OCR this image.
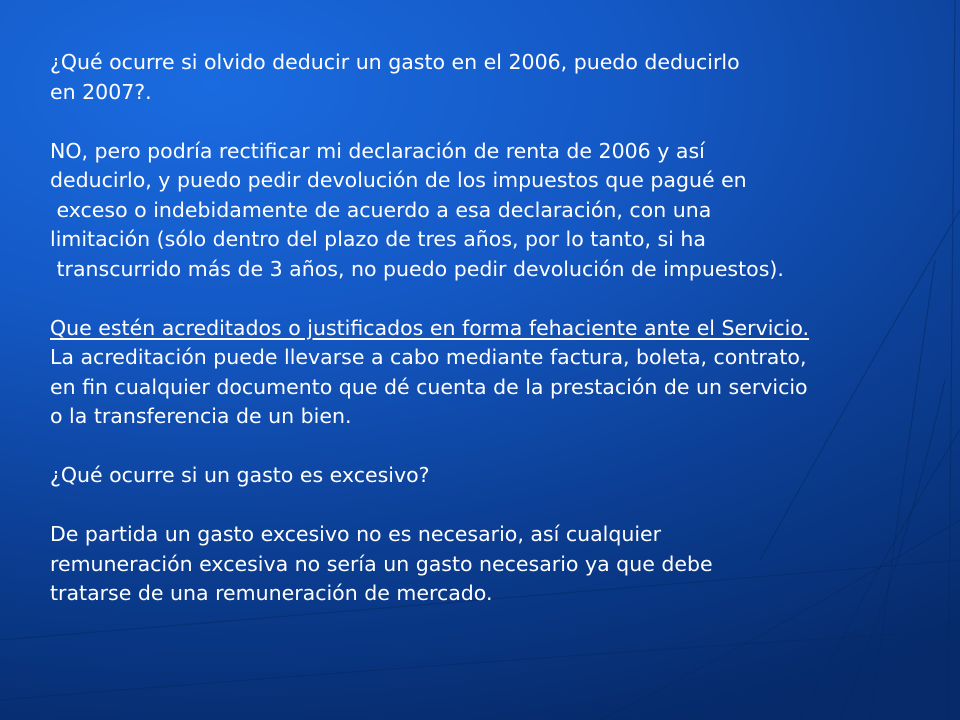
¿Qué ocurre si olvido deducir un gasto en el 2006, puedo deducirlo
en 2007?.
NO, pero podría rectificar mi declaración de renta de 2006 y así
deducirlo, y puedo pedir devolución de los impuestos que pagué en
exceso o indebidamente de acuerdo a esa declaración, con una
limitación (sólo dentro del plazo de tres años, por lo tanto, si ha
transcurrido más de 3 años, no puedo pedir devolución de impuestos).
Que estén acreditados o justificados en forma fehaciente ante el Servicio.
La acreditación puede llevarse a cabo mediante factura, boleta, contrato,
en fin cualquier documento que dé cuenta de la prestación de un servicio
o la transferencia de un bien.
¿Qué ocurre si un gasto es excesivo?
De partida un gasto excesivo no es necesario, así cualquier
remuneración excesiva no sería un gasto necesario ya que debe
tratarse de una remuneración de mercado.
